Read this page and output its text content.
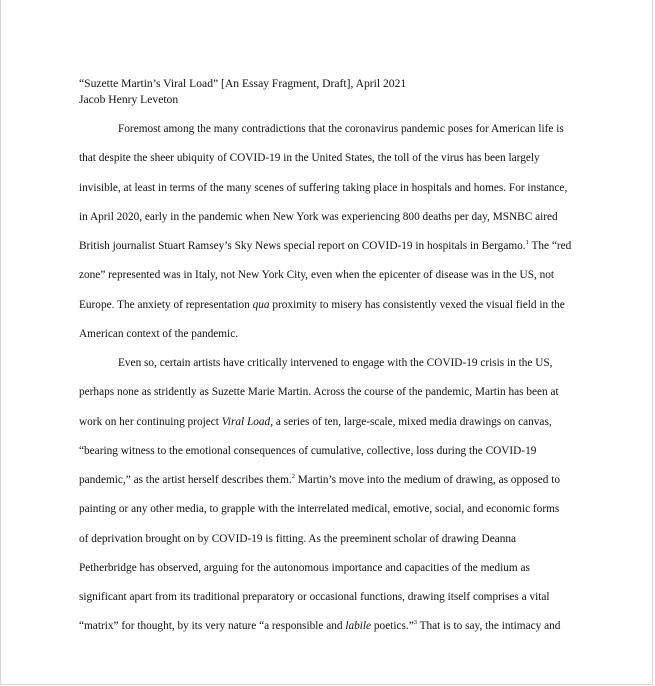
“Suzette Martin’s Viral Load” [An Essay Fragment, Draft], April 2021
Jacob Henry Leveton
Foremost among the many contradictions that the coronavirus pandemic poses for American life is
that despite the sheer ubiquity of COVID-19 in the United States, the toll of the virus has been largely
invisible, at least in terms of the many scenes of suffering taking place in hospitals and homes. For instance,
in April 2020, early in the pandemic when New York was experiencing 800 deaths per day, MSNBC aired
British journalist Stuart Ramsey’s Sky News special report on COVID-19 in hospitals in Bergamo.$^1$ The “red
zone” represented was in Italy, not New York City, even when the epicenter of disease was in the US, not
Europe. The anxiety of representation qua proximity to misery has consistently vexed the visual field in the
American context of the pandemic.
Even so, certain artists have critically intervened to engage with the COVID-19 crisis in the US,
perhaps none as stridently as Suzette Marie Martin. Across the course of the pandemic, Martin has been at
work on her continuing project Viral Load, a series of ten, large-scale, mixed media drawings on canvas,
“bearing witness to the emotional consequences of cumulative, collective, loss during the COVID-19
pandemic,” as the artist herself describes them.$^2$ Martin’s move into the medium of drawing, as opposed to
painting or any other media, to grapple with the interrelated medical, emotive, social, and economic forms
of deprivation brought on by COVID-19 is fitting. As the preeminent scholar of drawing Deanna
Petherbridge has observed, arguing for the autonomous importance and capacities of the medium as
significant apart from its traditional preparatory or occasional functions, drawing itself comprises a vital
“matrix” for thought, by its very nature “a responsible and labile poetics.”$^3$ That is to say, the intimacy and
